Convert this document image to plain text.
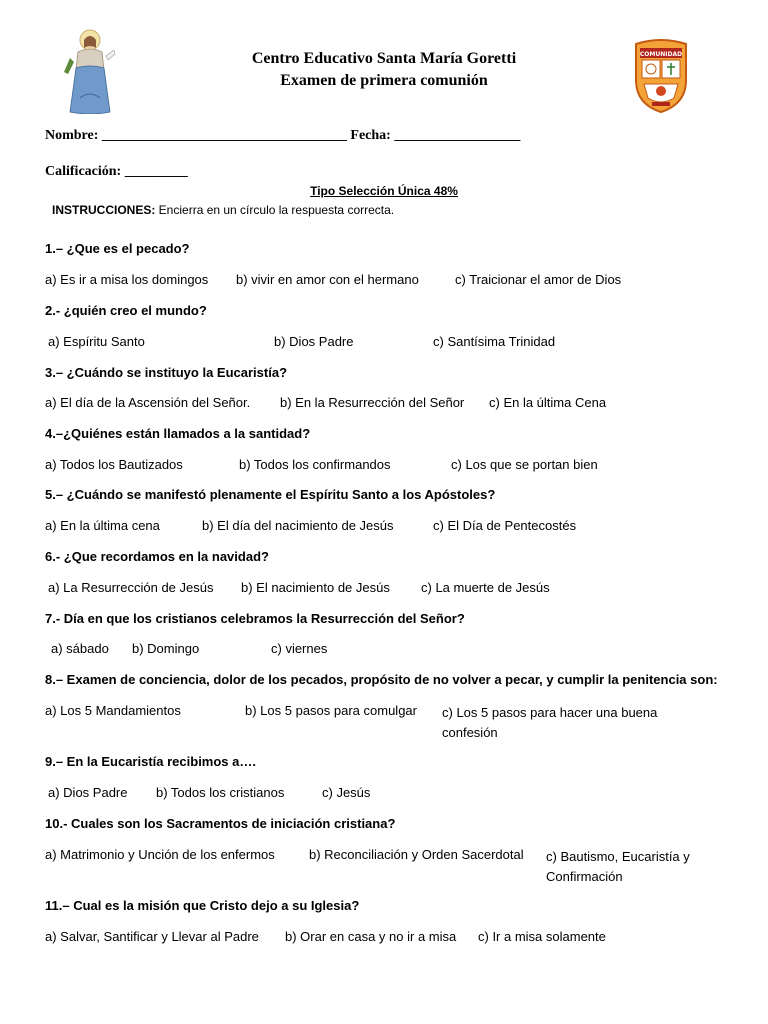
COMUNIDAD
Centro Educativo Santa María Goretti
Examen de primera comunión
Nombre: ___________________________________ Fecha: __________________
Calificación: _________
Tipo Selección Única 48%
INSTRUCCIONES: Encierra en un círculo la respuesta correcta.
1.– ¿Que es el pecado?
a) Es ir a misa los domingos b) vivir en amor con el hermano	c) Traicionar el amor de Dios
2.- ¿quién creo el mundo?
a) Espíritu Santo	b) Dios Padre	c) Santísima Trinidad
3.– ¿Cuándo se instituyo la Eucaristía?
a) El día de la Ascensión del Señor. b) En la Resurrección del Señor c) En la última Cena
4.–¿Quiénes están llamados a la santidad?
a) Todos los Bautizados	b) Todos los confirmandos	c) Los que se portan bien
5.– ¿Cuándo se manifestó plenamente el Espíritu Santo a los Apóstoles?
a) En la última cena	b) El día del nacimiento de Jesús	c) El Día de Pentecostés
6.- ¿Que recordamos en la navidad?
a) La Resurrección de Jesús b) El nacimiento de Jesús c) La muerte de Jesús
7.- Día en que los cristianos celebramos la Resurrección del Señor?
a) sábado b) Domingo	c) viernes
8.– Examen de conciencia, dolor de los pecados, propósito de no volver a pecar, y cumplir la penitencia son:
a) Los 5 Mandamientos	b) Los 5 pasos para comulgar c) Los 5 pasos para hacer una buena confesión
9.– En la Eucaristía recibimos a….
a) Dios Padre b) Todos los cristianos	c) Jesús
10.- Cuales son los Sacramentos de iniciación cristiana?
a) Matrimonio y Unción de los enfermos	b) Reconciliación y Orden Sacerdotal c) Bautismo, Eucaristía y Confirmación
11.– Cual es la misión que Cristo dejo a su Iglesia?
a) Salvar, Santificar y Llevar al Padre b) Orar en casa y no ir a misa c) Ir a misa solamente
